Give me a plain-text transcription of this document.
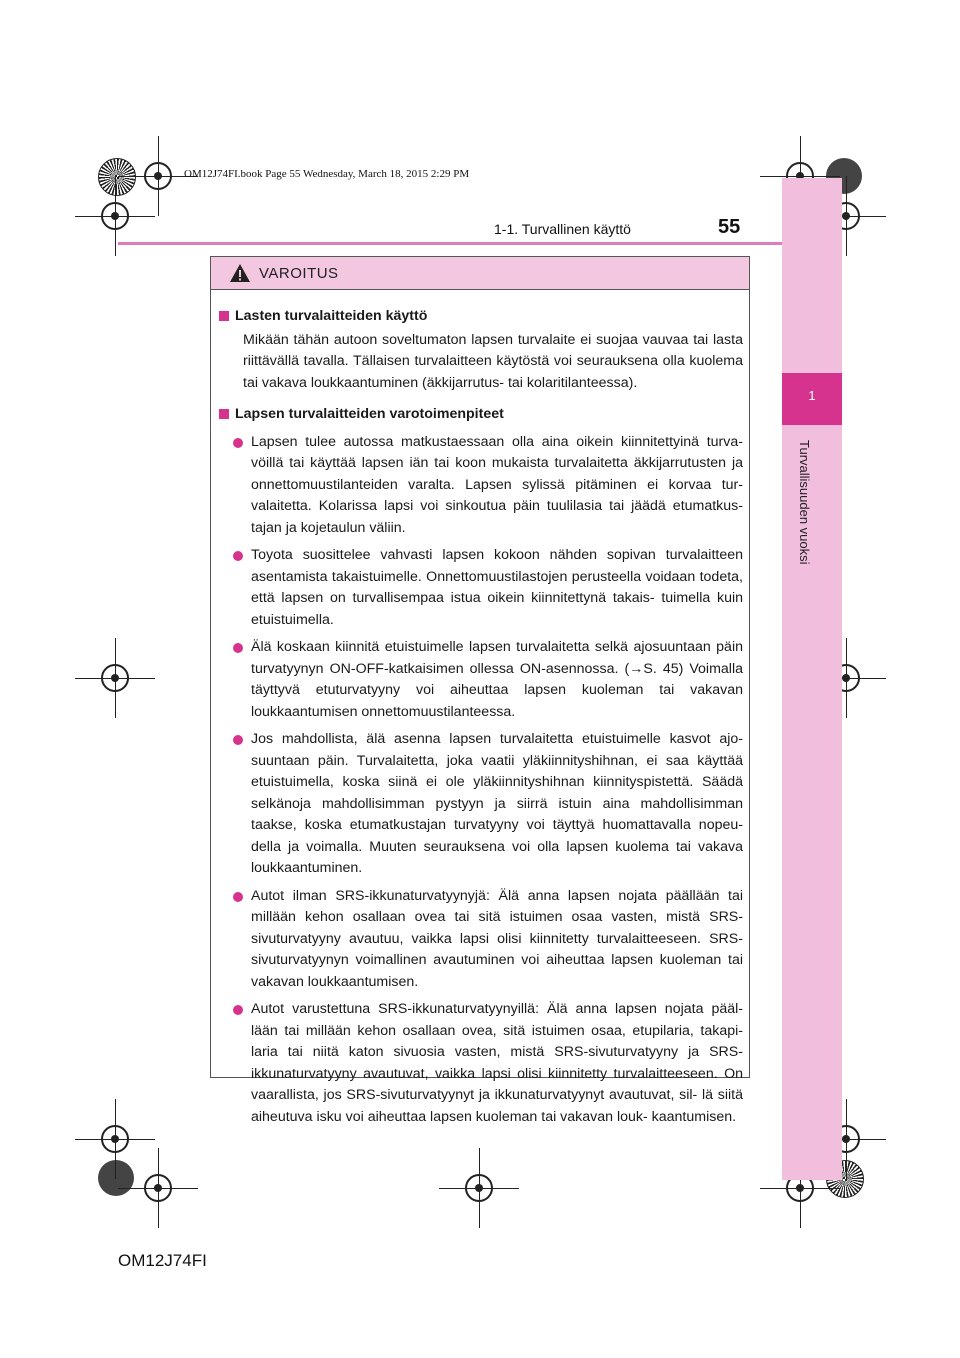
OM12J74FI.book Page 55 Wednesday, March 18, 2015 2:29 PM
1
Turvallisuuden vuoksi
1-1. Turvallinen käyttö	55
VAROITUS
Lasten turvalaitteiden käyttö
Mikään tähän autoon soveltumaton lapsen turvalaite ei suojaa vauvaa tai lasta riittävällä tavalla. Tällaisen turvalaitteen käytöstä voi seurauksena olla kuolema tai vakava loukkaantuminen (äkkijarrutus- tai kolaritilanteessa).
Lapsen turvalaitteiden varotoimenpiteet
Lapsen tulee autossa matkustaessaan olla aina oikein kiinnitettyinä turva- vöillä tai käyttää lapsen iän tai koon mukaista turvalaitetta äkkijarrutusten ja onnettomuustilanteiden varalta. Lapsen sylissä pitäminen ei korvaa tur- valaitetta. Kolarissa lapsi voi sinkoutua päin tuulilasia tai jäädä etumatkus- tajan ja kojetaulun väliin.
Toyota suosittelee vahvasti lapsen kokoon nähden sopivan turvalaitteen asentamista takaistuimelle. Onnettomuustilastojen perusteella voidaan todeta, että lapsen on turvallisempaa istua oikein kiinnitettynä takais- tuimella kuin etuistuimella.
Älä koskaan kiinnitä etuistuimelle lapsen turvalaitetta selkä ajosuuntaan päin turvatyynyn ON-OFF-katkaisimen ollessa ON-asennossa. (→S. 45) Voimalla täyttyvä etuturvatyyny voi aiheuttaa lapsen kuoleman tai vakavan loukkaantumisen onnettomuustilanteessa.
Jos mahdollista, älä asenna lapsen turvalaitetta etuistuimelle kasvot ajo- suuntaan päin. Turvalaitetta, joka vaatii yläkiinnityshihnan, ei saa käyttää etuistuimella, koska siinä ei ole yläkiinnityshihnan kiinnityspistettä. Säädä selkänoja mahdollisimman pystyyn ja siirrä istuin aina mahdollisimman taakse, koska etumatkustajan turvatyyny voi täyttyä huomattavalla nopeu- della ja voimalla. Muuten seurauksena voi olla lapsen kuolema tai vakava loukkaantuminen.
Autot ilman SRS-ikkunaturvatyynyjä: Älä anna lapsen nojata päällään tai millään kehon osallaan ovea tai sitä istuimen osaa vasten, mistä SRS- sivuturvatyyny avautuu, vaikka lapsi olisi kiinnitetty turvalaitteeseen. SRS- sivuturvatyynyn voimallinen avautuminen voi aiheuttaa lapsen kuoleman tai vakavan loukkaantumisen.
Autot varustettuna SRS-ikkunaturvatyynyillä: Älä anna lapsen nojata pääl- lään tai millään kehon osallaan ovea, sitä istuimen osaa, etupilaria, takapi- laria tai niitä katon sivuosia vasten, mistä SRS-sivuturvatyyny ja SRS- ikkunaturvatyyny avautuvat, vaikka lapsi olisi kiinnitetty turvalaitteeseen. On vaarallista, jos SRS-sivuturvatyynyt ja ikkunaturvatyynyt avautuvat, sil- lä siitä aiheutuva isku voi aiheuttaa lapsen kuoleman tai vakavan louk- kaantumisen.
OM12J74FI
